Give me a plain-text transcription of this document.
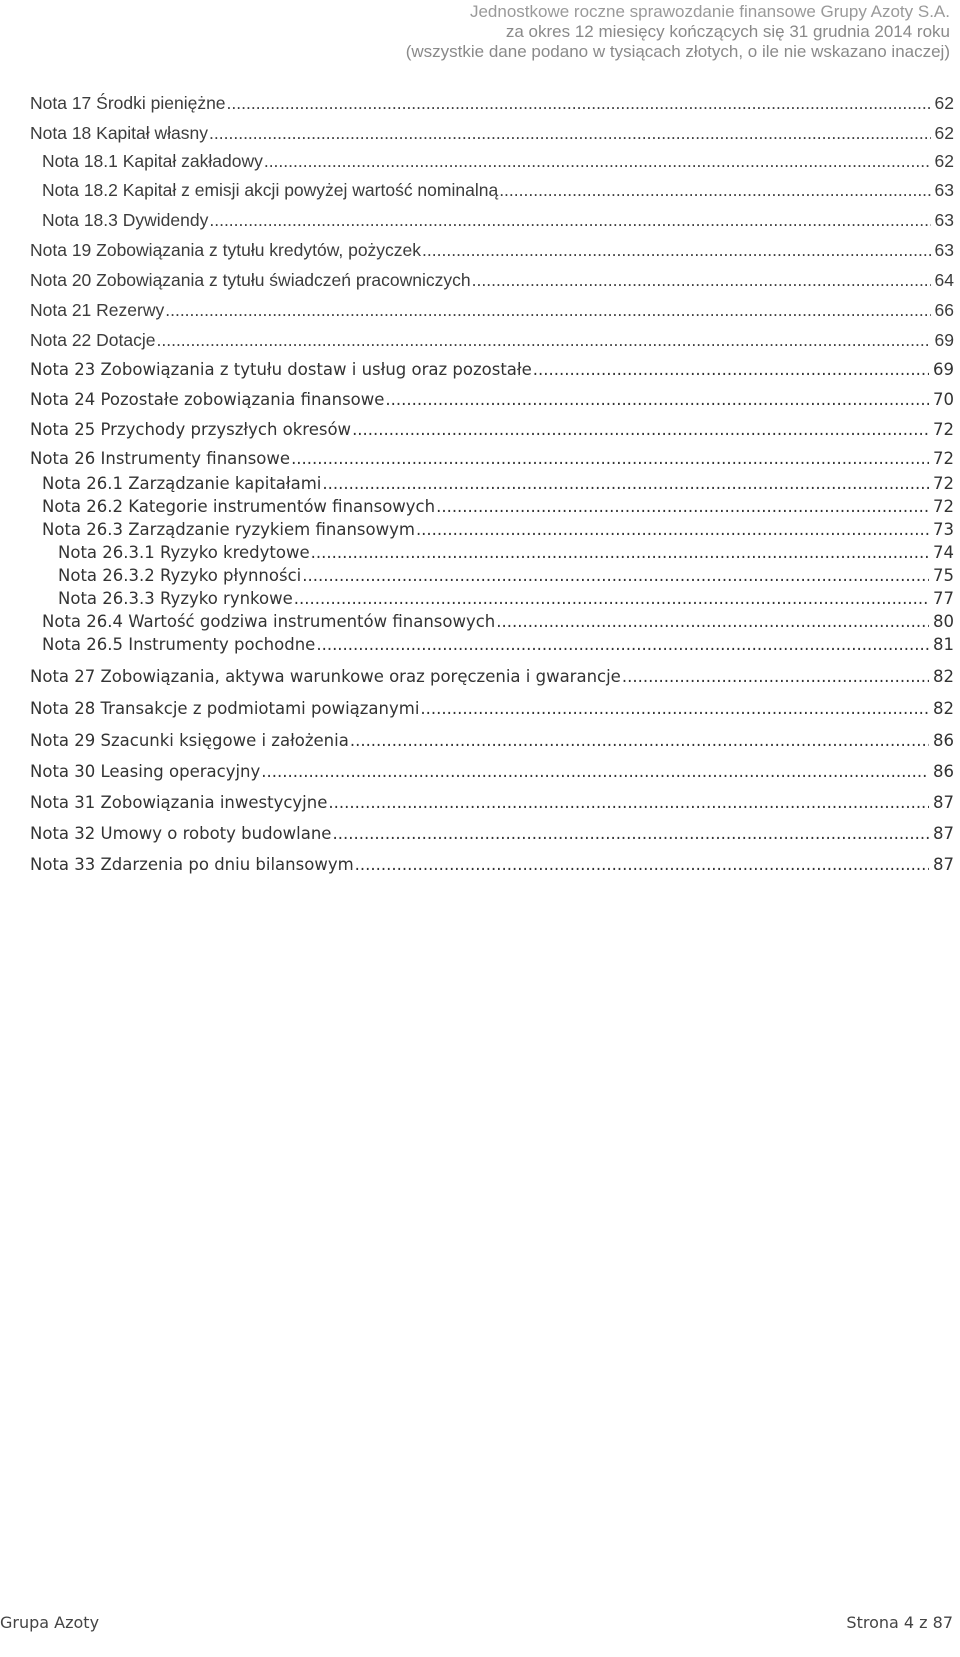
Jednostkowe roczne sprawozdanie finansowe Grupy Azoty S.A.
za okres 12 miesięcy kończących się 31 grudnia 2014 roku
(wszystkie dane podano w tysiącach złotych, o ile nie wskazano inaczej)
Nota 17 Środki pieniężne .....	62
Nota 18 Kapitał własny .....	62
Nota 18.1 Kapitał zakładowy .....	62
Nota 18.2 Kapitał z emisji akcji powyżej wartość nominalną .....	63
Nota 18.3 Dywidendy .....	63
Nota 19 Zobowiązania z tytułu kredytów, pożyczek .....	63
Nota 20 Zobowiązania z tytułu świadczeń pracowniczych .....	64
Nota 21 Rezerwy .....	66
Nota 22 Dotacje .....	69
Nota 23 Zobowiązania z tytułu dostaw i usług oraz pozostałe .....	69
Nota 24 Pozostałe zobowiązania finansowe .....	70
Nota 25 Przychody przyszłych okresów .....	72
Nota 26 Instrumenty finansowe .....	72
Nota 26.1 Zarządzanie kapitałami .....	72
Nota 26.2 Kategorie instrumentów finansowych .....	72
Nota 26.3 Zarządzanie ryzykiem finansowym .....	73
Nota 26.3.1 Ryzyko kredytowe .....	74
Nota 26.3.2 Ryzyko płynności .....	75
Nota 26.3.3 Ryzyko rynkowe .....	77
Nota 26.4 Wartość godziwa instrumentów finansowych .....	80
Nota 26.5 Instrumenty pochodne .....	81
Nota 27 Zobowiązania, aktywa warunkowe oraz poręczenia i gwarancje .....	82
Nota 28 Transakcje z podmiotami powiązanymi .....	82
Nota 29 Szacunki księgowe i założenia .....	86
Nota 30 Leasing operacyjny .....	86
Nota 31 Zobowiązania inwestycyjne .....	87
Nota 32 Umowy o roboty budowlane .....	87
Nota 33 Zdarzenia po dniu bilansowym .....	87
Grupa Azoty	Strona 4 z 87
